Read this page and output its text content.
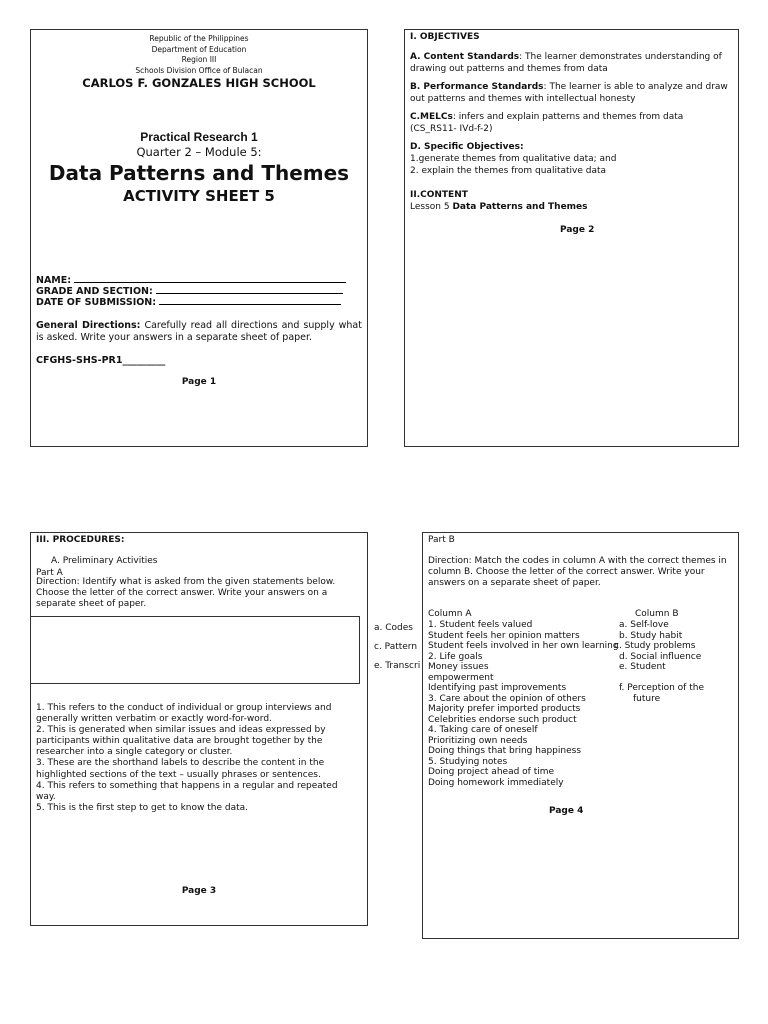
Republic of the Philippines
Department of Education
Region III
Schools Division Office of Bulacan
CARLOS F. GONZALES HIGH SCHOOL
Practical Research 1
Quarter 2 – Module 5:
Data Patterns and Themes
ACTIVITY SHEET 5
NAME:
GRADE AND SECTION:
DATE OF SUBMISSION:
General Directions: Carefully read all directions and supply what is asked. Write your answers in a separate sheet of paper.
CFGHS-SHS-PR1_________
Page 1
I. OBJECTIVES
A. Content Standards: The learner demonstrates understanding of drawing out patterns and themes from data
B. Performance Standards: The learner is able to analyze and draw out patterns and themes with intellectual honesty
C.MELCs: infers and explain patterns and themes from data (CS_RS11- IVd-f-2)
D. Specific Objectives:
1.generate themes from qualitative data; and
2. explain the themes from qualitative data
II.CONTENT
Lesson 5 Data Patterns and Themes
Page 2
III. PROCEDURES:
A. Preliminary Activities
Part A
Direction: Identify what is asked from the given statements below. Choose the letter of the correct answer. Write your answers on a separate sheet of paper.
1. This refers to the conduct of individual or group interviews and generally written verbatim or exactly word-for-word.
2. This is generated when similar issues and ideas expressed by participants within qualitative data are brought together by the researcher into a single category or cluster.
3. These are the shorthand labels to describe the content in the highlighted sections of the text – usually phrases or sentences.
4. This refers to something that happens in a regular and repeated way.
5. This is the first step to get to know the data.
Page 3
a. Codes
c. Pattern
e. Transcri
Part B
Direction: Match the codes in column A with the correct themes in column B. Choose the letter of the correct answer. Write your answers on a separate sheet of paper.
Column A	Column B
1. Student feels valued
Student feels her opinion matters
Student feels involved in her own learning
2. Life goals
Money issues
empowerment
Identifying past improvements
3. Care about the opinion of others
Majority prefer imported products
Celebrities endorse such product
4. Taking care of oneself
Prioritizing own needs
Doing things that bring happiness
5. Studying notes
Doing project ahead of time
Doing homework immediately
a. Self-love
b. Study habit
c. Study problems
d. Social influence
e. Student
f. Perception of the
future
Page 4
